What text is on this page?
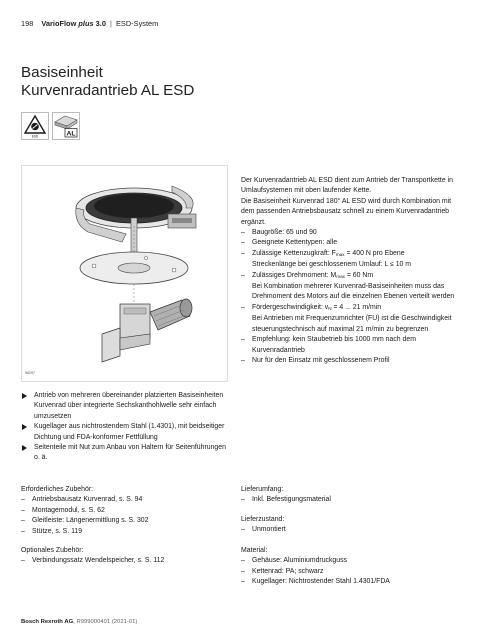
198 VarioFlow plus 3.0 | ESD-System
Basiseinheit
Kurvenradantrieb AL ESD
ESD	AL
98297
Antrieb von mehreren übereinander platzierten Basiseinheiten Kurvenrad über integrierte Sechskanthohlwelle sehr einfach umzusetzen
Kugellager aus nichtrostendem Stahl (1.4301), mit beidseitiger Dichtung und FDA-konformer Fettfüllung
Seitenteile mit Nut zum Anbau von Haltern für Seitenführungen o. ä.

Der Kurvenradantrieb AL ESD dient zum Antrieb der Transportkette in Umlaufsystemen mit oben laufender Kette.

Die Basiseinheit Kurvenrad 180° AL ESD wird durch Kombination mit dem passenden Antriebsbausatz schnell zu einem Kurvenradantrieb ergänzt.

– Baugröße: 65 und 90
– Geeignete Kettentypen: alle
– Zulässige Kettenzugkraft: $F_{max} = 400$ N pro Ebene
Streckenlänge bei geschlossenem Umlauf: L ≤ 10 m
– Zulässiges Drehmoment: $M_{max} = 60$ Nm
Bei Kombination mehrerer Kurvenrad-Basiseinheiten muss das Drehmoment des Motors auf die einzelnen Ebenen verteilt werden
– Fördergeschwindigkeit: $v_N = 4$ ... 21 m/min
Bei Antrieben mit Frequenzumrichter (FU) ist die Geschwindigkeit steuerungstechnisch auf maximal 21 m/min zu begrenzen
– Empfehlung: kein Staubetrieb bis 1000 mm nach dem Kurvenradantrieb
– Nur für den Einsatz mit geschlossenem Profil
Erforderliches Zubehör:
– Antriebsbausatz Kurvenrad, s. S. 94
– Montagemodul, s. S. 62
– Gleitleiste: Längenermittlung s. S. 302
– Stütze, s. S. 119
Optionales Zubehör:
– Verbindungssatz Wendelspeicher, s. S. 112
Lieferumfang:
– Inkl. Befestigungsmaterial
Lieferzustand:
– Unmontiert
Material:
– Gehäuse: Aluminiumdruckguss
– Kettenrad: PA; schwarz
– Kugellager: Nichtrostender Stahl 1.4301/FDA
Bosch Rexroth AG, R999000401 (2021-01)
